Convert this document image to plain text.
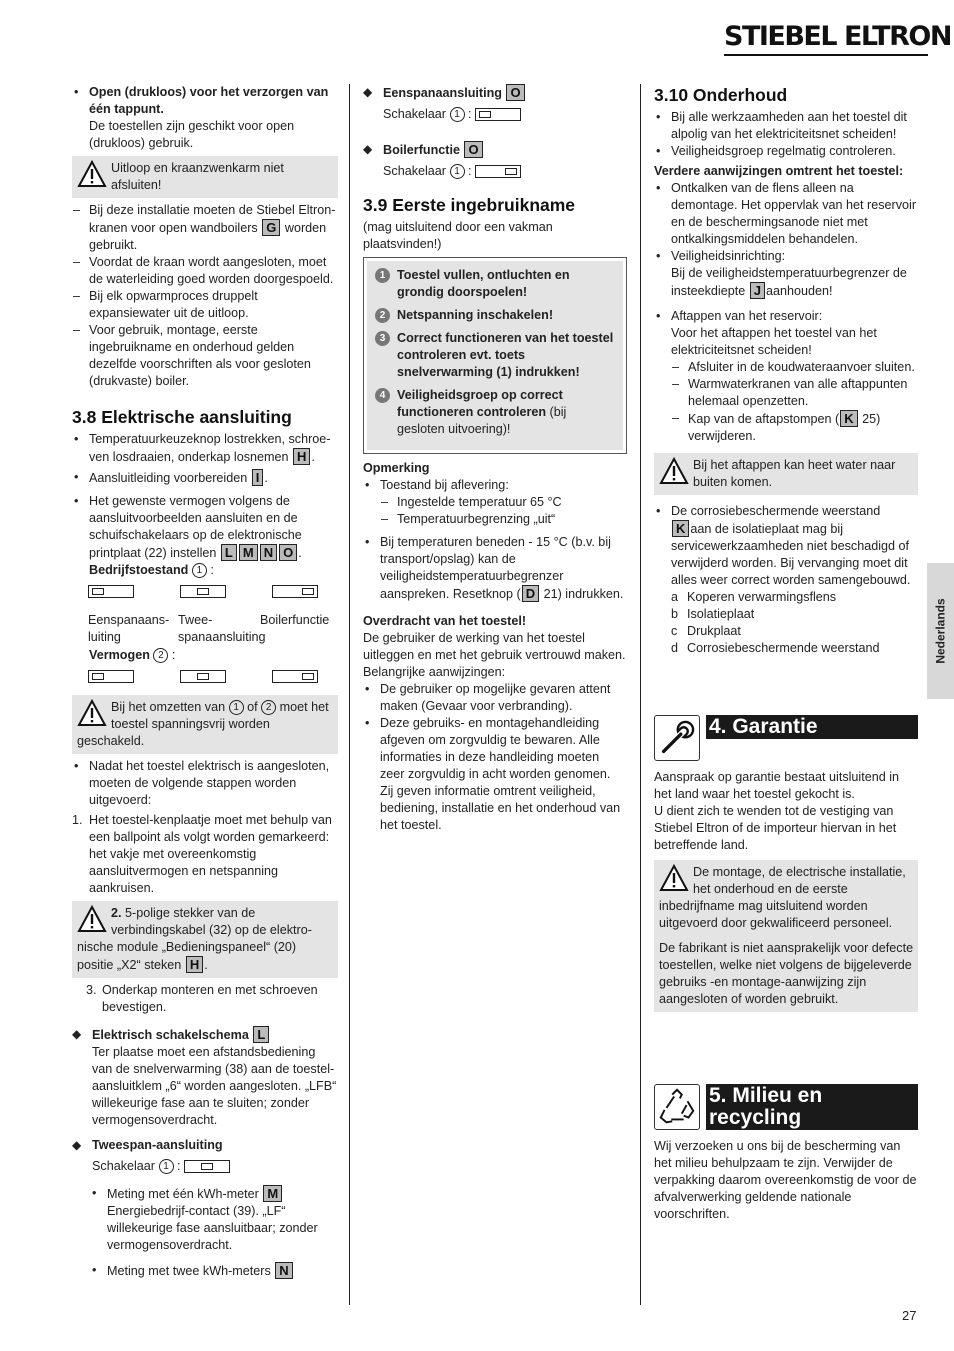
STIEBEL ELTRON
• Open (drukloos) voor het verzorgen van één tappunt.
De toestellen zijn geschikt voor open (drukloos) gebruik.

Uitloop en kraanzwenkarm niet afsluiten!

– Bij deze installatie moeten de Stiebel Eltron-kranen voor open wandboilers G worden gebruikt.
– Voordat de kraan wordt aangesloten, moet de waterleiding goed worden doorgespoeld.
– Bij elk opwarmproces druppelt expansiewater uit de uitloop.
– Voor gebruik, montage, eerste ingebruikname en onderhoud gelden dezelfde voorschriften als voor gesloten (drukvaste) boiler.
3.8 Elektrische aansluiting
• Temperatuurkeuzeknop lostrekken, schroe-ven losdraaien, onderkap losnemen H .
• Aansluitleiding voorbereiden I .
• Het gewenste vermogen volgens de aansluitvoorbeelden aansluiten en de schuifschakelaars op de elektronische printplaat (22) instellen L M N O .
Bedrijfstoestand 1 :
Eenspanaans-luiting
Twee-spanaansluiting
Boilerfunctie
Vermogen 2 :

Bij het omzetten van 1 of 2 moet het toestel spanningsvrij worden geschakeld.

• Nadat het toestel elektrisch is aangesloten, moeten de volgende stappen worden uitgevoerd:
1. Het toestel-kenplaatje moet met behulp van een ballpoint als volgt worden gemarkeerd: het vakje met overeenkomstig aansluitvermogen en netspanning aankruisen.

2. 5-polige stekker van de verbindingskabel (32) op de elektro-nische module „Bedieningspaneel“ (20) positie „X2“ steken H .

3. Onderkap monteren en met schroeven bevestigen.
◆ Elektrisch schakelschema L
Ter plaatse moet een afstandsbediening van de snelverwarming (38) aan de toestel-aansluitklem „6“ worden aangesloten. „LFB“ willekeurige fase aan te sluiten; zonder vermogensoverdracht.
◆ Tweespan-aansluiting
Schakelaar 1 :
• Meting met één kWh-meter M
Energiebedrijf-contact (39). „LF“ willekeurige fase aansluitbaar; zonder vermogensoverdracht.
• Meting met twee kWh-meters N
◆ Eenspanaansluiting O
Schakelaar 1 :
◆ Boilerfunctie O
Schakelaar 1 :
3.9 Eerste ingebruikname
(mag uitsluitend door een vakman plaatsvinden!)
1 Toestel vullen, ontluchten en grondig doorspoelen!
2 Netspanning inschakelen!
3 Correct functioneren van het toestel controleren evt. toets snelverwarming (1) indrukken!
4 Veiligheidsgroep op correct functioneren controleren (bij gesloten uitvoering)!
Opmerking
• Toestand bij aflevering:
– Ingestelde temperatuur 65 °C
– Temperatuurbegrenzing „uit“
• Bij temperaturen beneden - 15 °C (b.v. bij transport/opslag) kan de veiligheidstemperatuurbegrenzer aanspreken. Resetknop ( D 21) indrukken.
Overdracht van het toestel!
De gebruiker de werking van het toestel uitleggen en met het gebruik vertrouwd maken.
Belangrijke aanwijzingen:
• De gebruiker op mogelijke gevaren attent maken (Gevaar voor verbranding).
• Deze gebruiks- en montagehandleiding afgeven om zorgvuldig te bewaren. Alle informaties in deze handleiding moeten zeer zorgvuldig in acht worden genomen. Zij geven informatie omtrent veiligheid, bediening, installatie en het onderhoud van het toestel.
3.10 Onderhoud
• Bij alle werkzaamheden aan het toestel dit alpolig van het elektriciteitsnet scheiden!
• Veiligheidsgroep regelmatig controleren.
Verdere aanwijzingen omtrent het toestel:
• Ontkalken van de flens alleen na demontage. Het oppervlak van het reservoir en de beschermingsanode niet met ontkalkingsmiddelen behandelen.
• Veiligheidsinrichting:
Bij de veiligheidstemperatuurbegrenzer de insteekdiepte J aanhouden!
• Aftappen van het reservoir:
Voor het aftappen het toestel van het elektriciteitsnet scheiden!
– Afsluiter in de koudwateraanvoer sluiten.
– Warmwaterkranen van alle aftappunten helemaal openzetten.
– Kap van de aftapstompen ( K 25) verwijderen.

Bij het aftappen kan heet water naar buiten komen.

• De corrosiebeschermende weerstand
K aan de isolatieplaat mag bij servicewerkzaamheden niet beschadigd of verwijderd worden. Bij vervanging moet dit alles weer correct worden samengebouwd.
a Koperen verwarmingsflens
b Isolatieplaat
c Drukplaat
d Corrosiebeschermende weerstand
4. Garantie
Aanspraak op garantie bestaat uitsluitend in het land waar het toestel gekocht is.
U dient zich te wenden tot de vestiging van Stiebel Eltron of de importeur hiervan in het betreffende land.

De montage, de electrische installatie, het onderhoud en de eerste inbedrijfname mag uitsluitend worden uitgevoerd door gekwalificeerd personeel.

De fabrikant is niet aansprakelijk voor defecte toestellen, welke niet volgens de bijgeleverde gebruiks -en montage-aanwijzing zijn aangesloten of worden gebruikt.

5. Milieu en recycling
Wij verzoeken u ons bij de bescherming van het milieu behulpzaam te zijn. Verwijder de verpakking daarom overeenkomstig de voor de afvalverwerking geldende nationale voorschriften.
Nederlands
27
